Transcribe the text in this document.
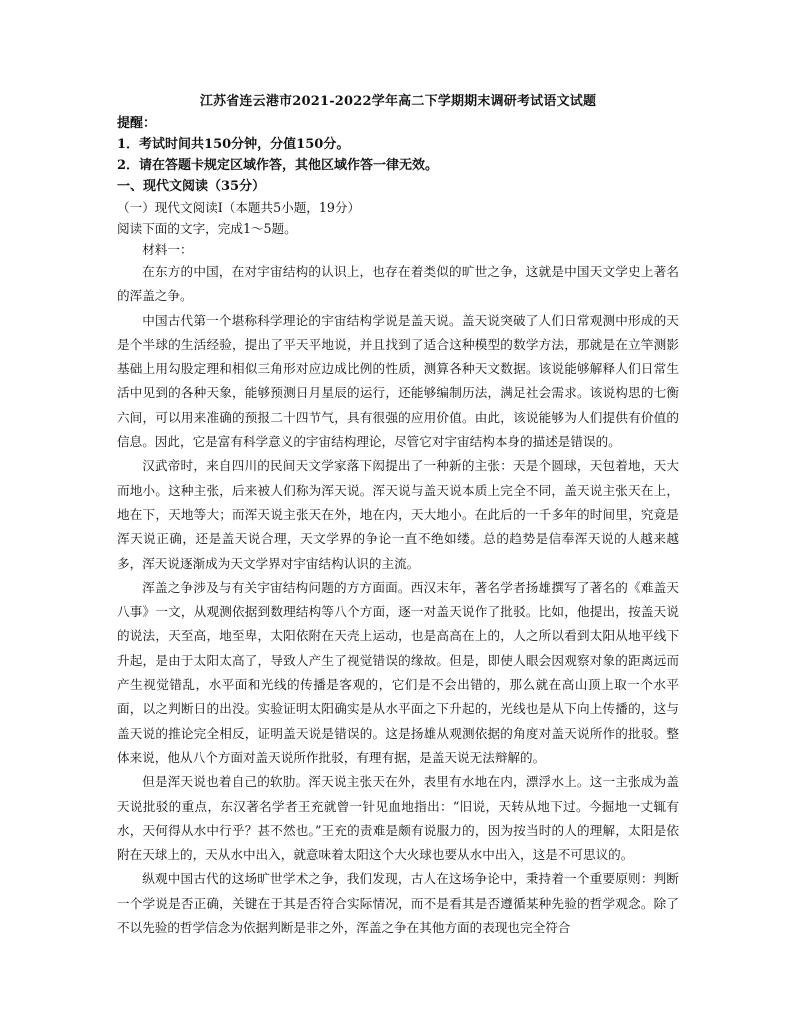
江苏省连云港市2021-2022学年高二下学期期末调研考试语文试题

提醒：

1．考试时间共150分钟，分值150分。

2．请在答题卡规定区域作答，其他区域作答一律无效。

一、现代文阅读（35分）

（一）现代文阅读Ⅰ（本题共5小题，19分）

阅读下面的文字，完成1～5题。

材料一：

在东方的中国，在对宇宙结构的认识上，也存在着类似的旷世之争，这就是中国天文学史上著名的浑盖之争。

中国古代第一个堪称科学理论的宇宙结构学说是盖天说。盖天说突破了人们日常观测中形成的天是个半球的生活经验，提出了平天平地说，并且找到了适合这种模型的数学方法，那就是在立竿测影基础上用勾股定理和相似三角形对应边成比例的性质，测算各种天文数据。该说能够解释人们日常生活中见到的各种天象，能够预测日月星辰的运行，还能够编制历法，满足社会需求。该说构思的七衡六间，可以用来准确的预报二十四节气，具有很强的应用价值。由此，该说能够为人们提供有价值的信息。因此，它是富有科学意义的宇宙结构理论，尽管它对宇宙结构本身的描述是错误的。

汉武帝时，来自四川的民间天文学家落下闳提出了一种新的主张：天是个圆球，天包着地，天大而地小。这种主张，后来被人们称为浑天说。浑天说与盖天说本质上完全不同，盖天说主张天在上，地在下，天地等大；而浑天说主张天在外，地在内，天大地小。在此后的一千多年的时间里，究竟是浑天说正确，还是盖天说合理，天文学界的争论一直不绝如缕。总的趋势是信奉浑天说的人越来越多，浑天说逐渐成为天文学界对宇宙结构认识的主流。

浑盖之争涉及与有关宇宙结构问题的方方面面。西汉末年，著名学者扬雄撰写了著名的《难盖天八事》一文，从观测依据到数理结构等八个方面，逐一对盖天说作了批驳。比如，他提出，按盖天说的说法，天至高，地至卑，太阳依附在天壳上运动，也是高高在上的，人之所以看到太阳从地平线下升起，是由于太阳太高了，导致人产生了视觉错误的缘故。但是，即使人眼会因观察对象的距离远而产生视觉错乱，水平面和光线的传播是客观的，它们是不会出错的，那么就在高山顶上取一个水平面，以之判断日的出没。实验证明太阳确实是从水平面之下升起的，光线也是从下向上传播的，这与盖天说的推论完全相反，证明盖天说是错误的。这是扬雄从观测依据的角度对盖天说所作的批驳。整体来说，他从八个方面对盖天说所作批驳，有理有据，是盖天说无法辩解的。

但是浑天说也着自己的软肋。浑天说主张天在外，表里有水地在内，漂浮水上。这一主张成为盖天说批驳的重点，东汉著名学者王充就曾一针见血地指出：“旧说，天转从地下过。今掘地一丈辄有水，天何得从水中行乎？甚不然也。”王充的责难是颇有说服力的，因为按当时的人的理解，太阳是依附在天球上的，天从水中出入，就意味着太阳这个大火球也要从水中出入，这是不可思议的。

纵观中国古代的这场旷世学术之争，我们发现，古人在这场争论中，秉持着一个重要原则：判断一个学说是否正确，关键在于其是否符合实际情况，而不是看其是否遵循某种先验的哲学观念。除了不以先验的哲学信念为依据判断是非之外，浑盖之争在其他方面的表现也完全符合
